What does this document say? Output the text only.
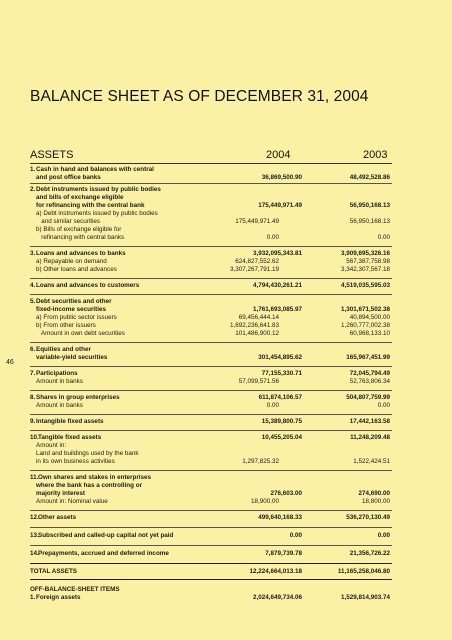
BALANCE SHEET AS OF DECEMBER 31, 2004
46
ASSETS	2004	2003
1. Cash in hand and balances with central
and post office banks	36,869,500.90	48,492,528.86
2. Debt instruments issued by public bodies
and bills of exchange eligible
for refinancing with the central bank	175,449,971.49	56,950,168.13
a) Debt instruments issued by public bodies
and similar securities	175,449,971.49	56,950,168.13
b) Bills of exchange eligible for
refinancing with central banks	0.00	0.00
3. Loans and advances to banks	3,932,095,343.81	3,909,695,326.16
a) Repayable on demand	624,827,552.62	567,387,758.98
b) Other loans and advances	3,307,267,791.19	3,342,307,567.18
4. Loans and advances to customers	4,794,430,261.21	4,519,035,595.03
5. Debt securities and other
fixed-income securities	1,761,693,085.97	1,301,671,502.38
a) From public sector issuers	69,456,444.14	40,894,500.00
b) From other issuers	1,692,236,641.83	1,260,777,002.38
Amount in own debt securities	101,486,900.12	60,968,133.10
6. Equities and other
variable-yield securities	301,454,895.62	165,967,451.99
7. Participations	77,155,330.71	72,045,794.49
Amount in banks	57,099,571.56	52,763,806.34
8. Shares in group enterprises	611,874,106.57	504,807,759.99
Amount in banks	0.00	0.00
9. Intangible fixed assets	15,389,800.75	17,442,163.58
10. Tangible fixed assets	10,455,205.04	11,248,209.48
Amount in:
Land and buildings used by the bank
in its own business activities	1,297,825.32	1,522,424.51
11. Own shares and stakes in enterprises
where the bank has a controlling or
majority interest	276,603.00	274,690.00
Amount in: Nominal value	18,900.00	18,800.00
12. Other assets	499,640,168.33	536,270,130.49
13. Subscribed and called-up capital not yet paid	0.00	0.00
14. Prepayments, accrued and deferred income	7,879,739.78	21,356,726.22
TOTAL ASSETS	12,224,664,013.18	11,165,258,046.80
OFF-BALANCE-SHEET ITEMS
1. Foreign assets	2,024,649,734.06	1,529,814,903.74
